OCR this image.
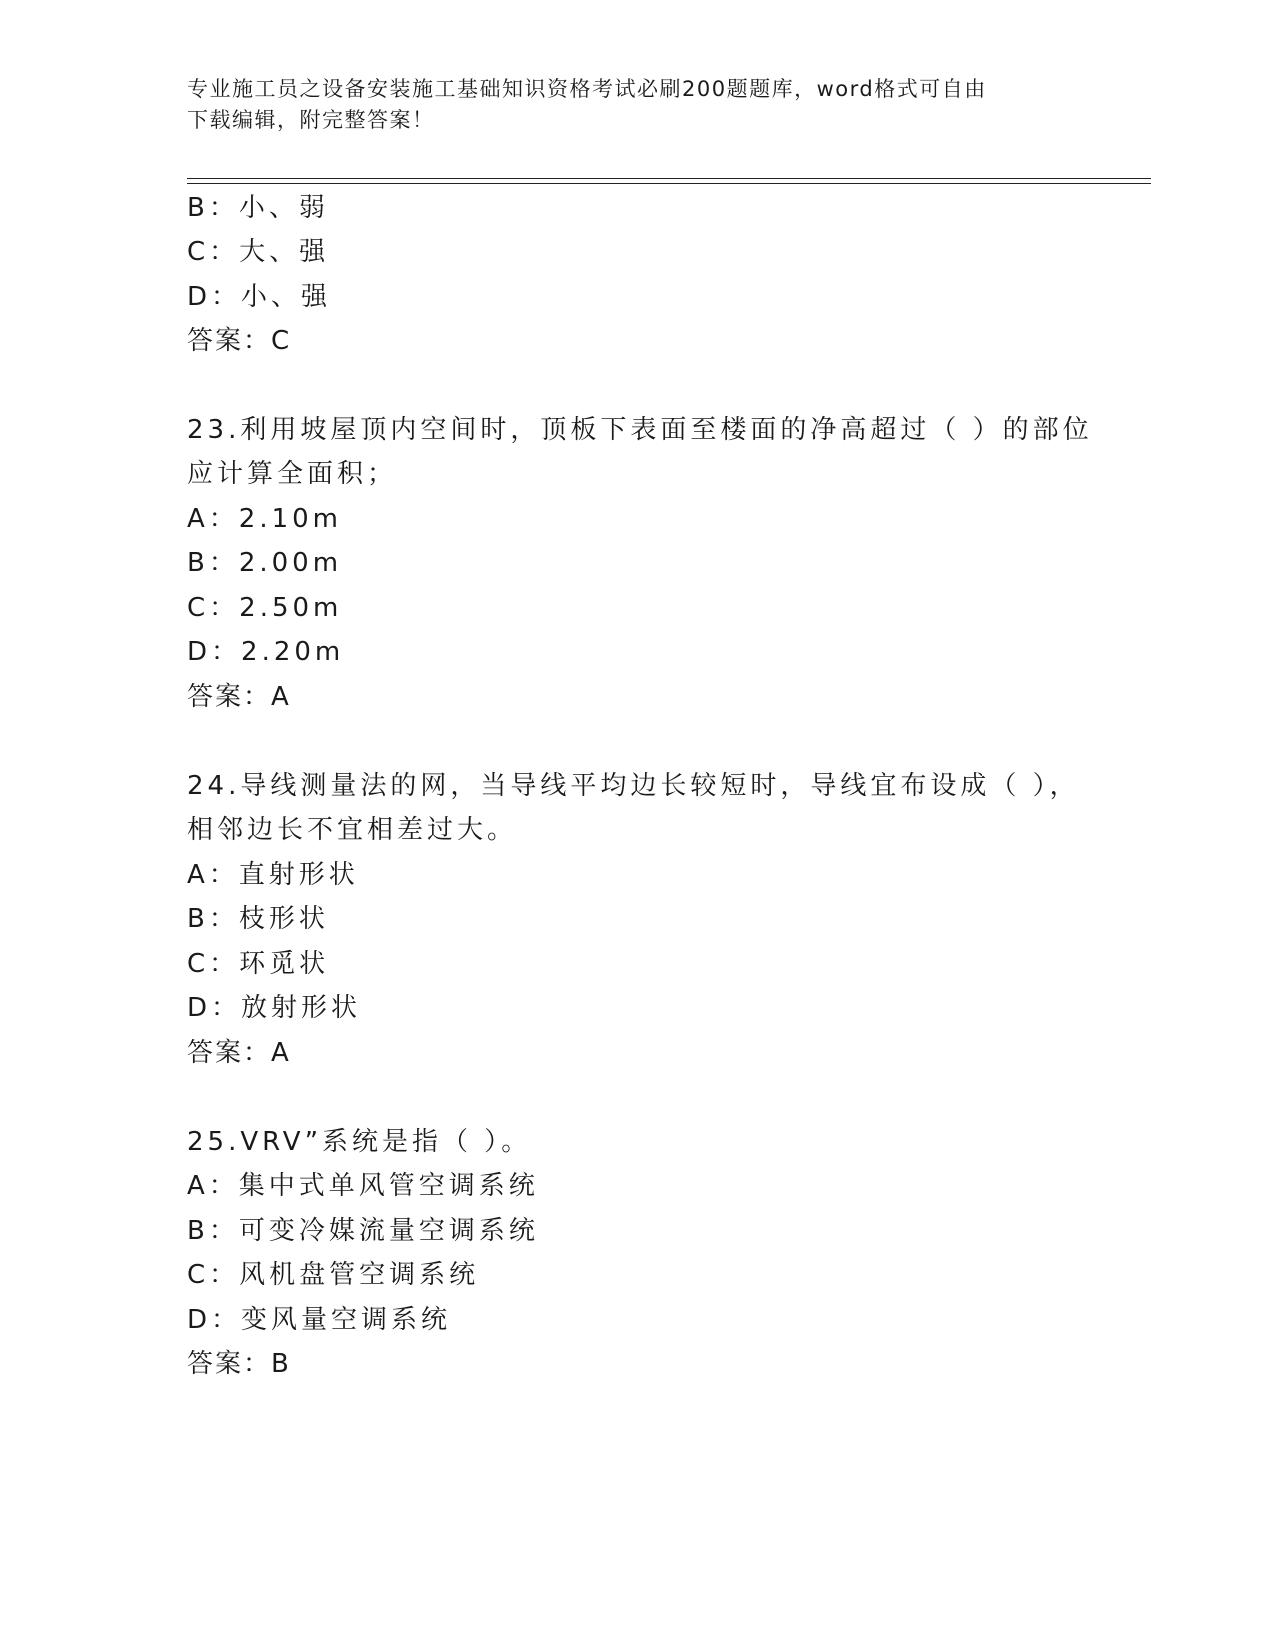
专业施工员之设备安装施工基础知识资格考试必刷200题题库，word格式可自由
下载编辑，附完整答案！
B：小、弱
C：大、强
D：小、强
答案：C
23.利用坡屋顶内空间时，顶板下表面至楼面的净高超过（ ）的部位
应计算全面积；
A：2.10m
B：2.00m
C：2.50m
D：2.20m
答案：A
24.导线测量法的网，当导线平均边长较短时，导线宜布设成（ ），
相邻边长不宜相差过大。
A：直射形状
B：枝形状
C：环觅状
D：放射形状
答案：A
25.VRV”系统是指（ ）。
A：集中式单风管空调系统
B：可变冷媒流量空调系统
C：风机盘管空调系统
D：变风量空调系统
答案：B
